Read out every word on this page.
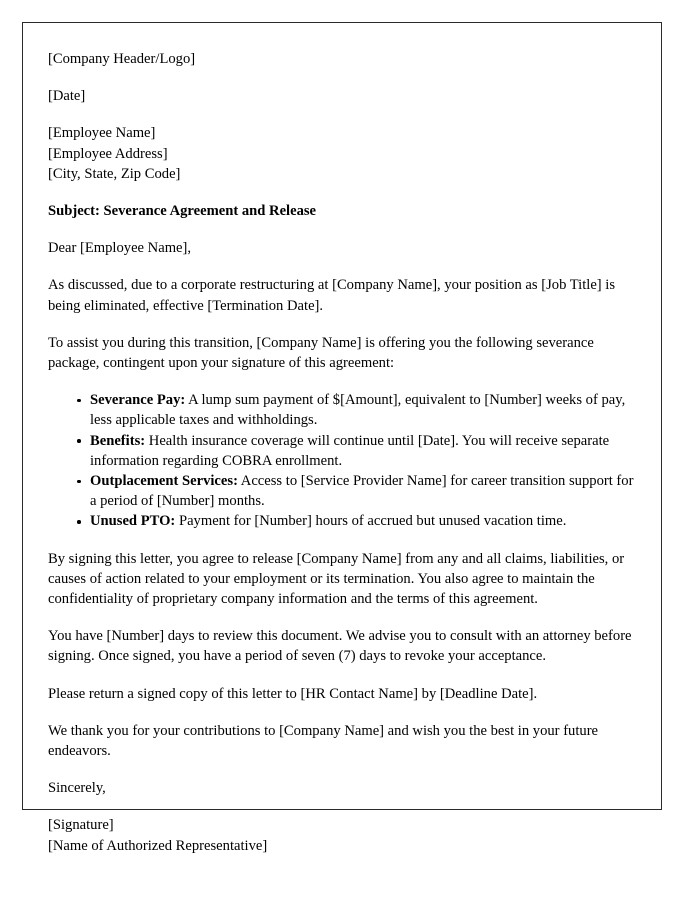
[Company Header/Logo]

[Date]

[Employee Name]

[Employee Address]

[City, State, Zip Code]

Subject: Severance Agreement and Release

Dear [Employee Name],

As discussed, due to a corporate restructuring at [Company Name], your position as [Job Title] is being eliminated, effective [Termination Date].

To assist you during this transition, [Company Name] is offering you the following severance package, contingent upon your signature of this agreement:

Severance Pay: A lump sum payment of $[Amount], equivalent to [Number] weeks of pay, less applicable taxes and withholdings.
Benefits: Health insurance coverage will continue until [Date]. You will receive separate information regarding COBRA enrollment.
Outplacement Services: Access to [Service Provider Name] for career transition support for a period of [Number] months.
Unused PTO: Payment for [Number] hours of accrued but unused vacation time.

By signing this letter, you agree to release [Company Name] from any and all claims, liabilities, or causes of action related to your employment or its termination. You also agree to maintain the confidentiality of proprietary company information and the terms of this agreement.

You have [Number] days to review this document. We advise you to consult with an attorney before signing. Once signed, you have a period of seven (7) days to revoke your acceptance.

Please return a signed copy of this letter to [HR Contact Name] by [Deadline Date].

We thank you for your contributions to [Company Name] and wish you the best in your future endeavors.

Sincerely,

[Signature]

[Name of Authorized Representative]
